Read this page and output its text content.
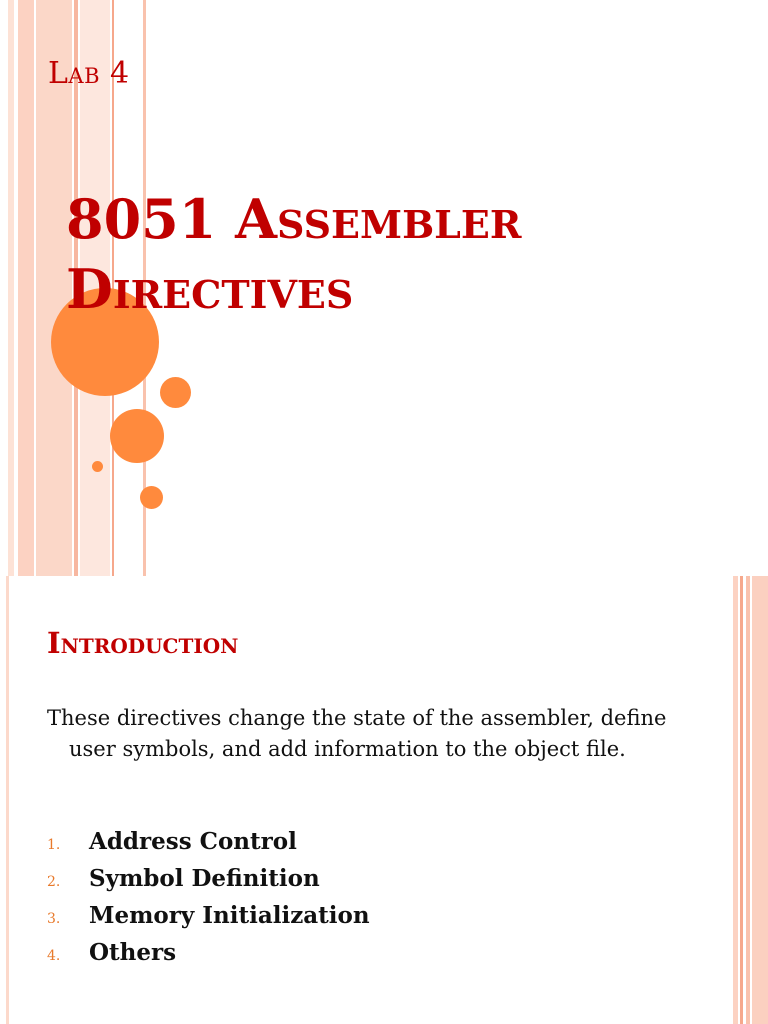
Lab 4
8051 Assembler Directives
Introduction
These directives change the state of the assembler, define user symbols, and add information to the object file.
1. Address Control
2. Symbol Definition
3. Memory Initialization
4. Others
